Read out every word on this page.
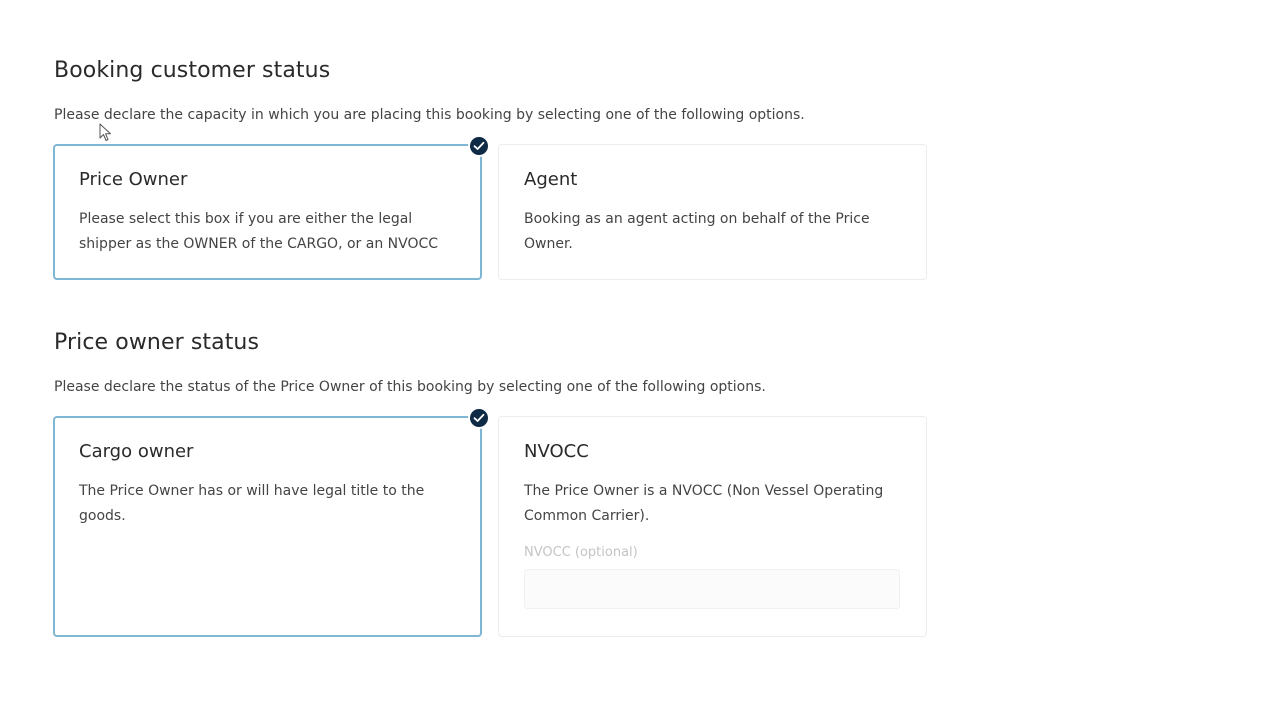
Booking customer status

Please declare the capacity in which you are placing this booking by selecting one of the following options.

Price Owner
Please select this box if you are either the legal shipper as the OWNER of the CARGO, or an NVOCC
Agent
Booking as an agent acting on behalf of the Price Owner.
Price owner status

Please declare the status of the Price Owner of this booking by selecting one of the following options.

Cargo owner
The Price Owner has or will have legal title to the goods.
NVOCC
The Price Owner is a NVOCC (Non Vessel Operating Common Carrier).
NVOCC (optional)
